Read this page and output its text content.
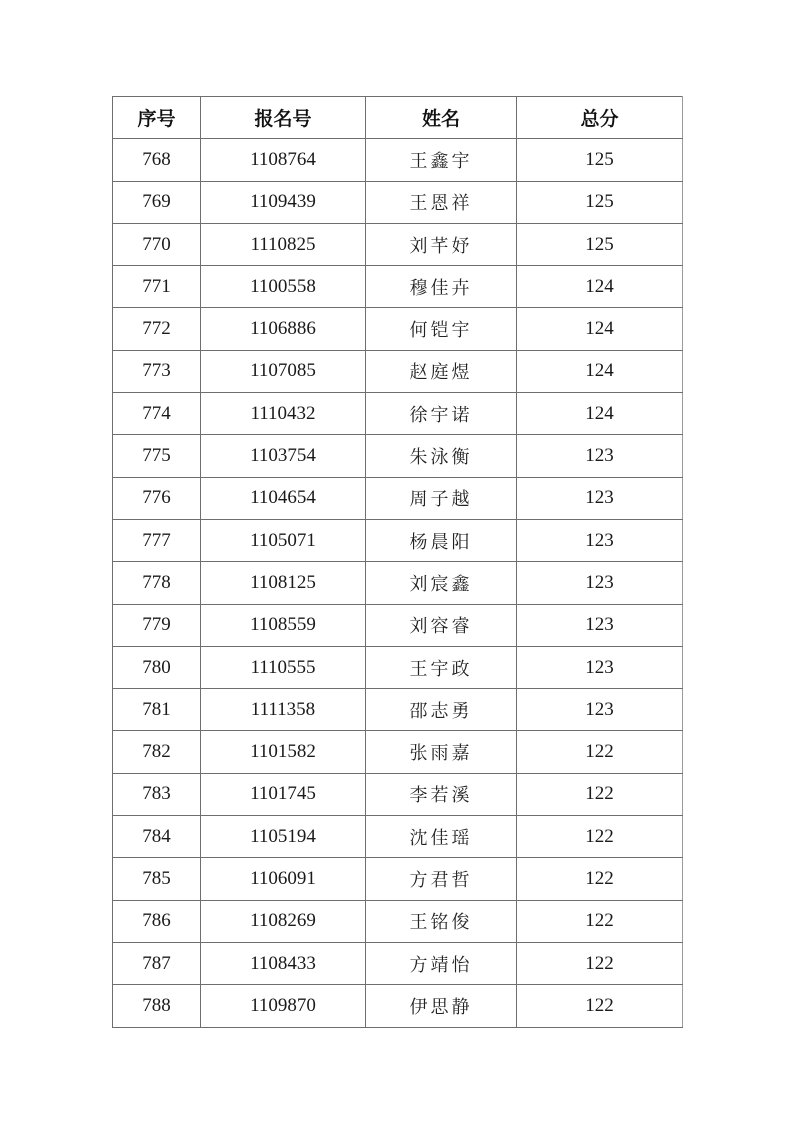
序号	报名号	姓名	总分
768	1108764	王鑫宇	125
769	1109439	王恩祥	125
770	1110825	刘芊妤	125
771	1100558	穆佳卉	124
772	1106886	何铠宇	124
773	1107085	赵庭煜	124
774	1110432	徐宇诺	124
775	1103754	朱泳衡	123
776	1104654	周子越	123
777	1105071	杨晨阳	123
778	1108125	刘宸鑫	123
779	1108559	刘容睿	123
780	1110555	王宇政	123
781	1111358	邵志勇	123
782	1101582	张雨嘉	122
783	1101745	李若溪	122
784	1105194	沈佳瑶	122
785	1106091	方君哲	122
786	1108269	王铭俊	122
787	1108433	方靖怡	122
788	1109870	伊思静	122
